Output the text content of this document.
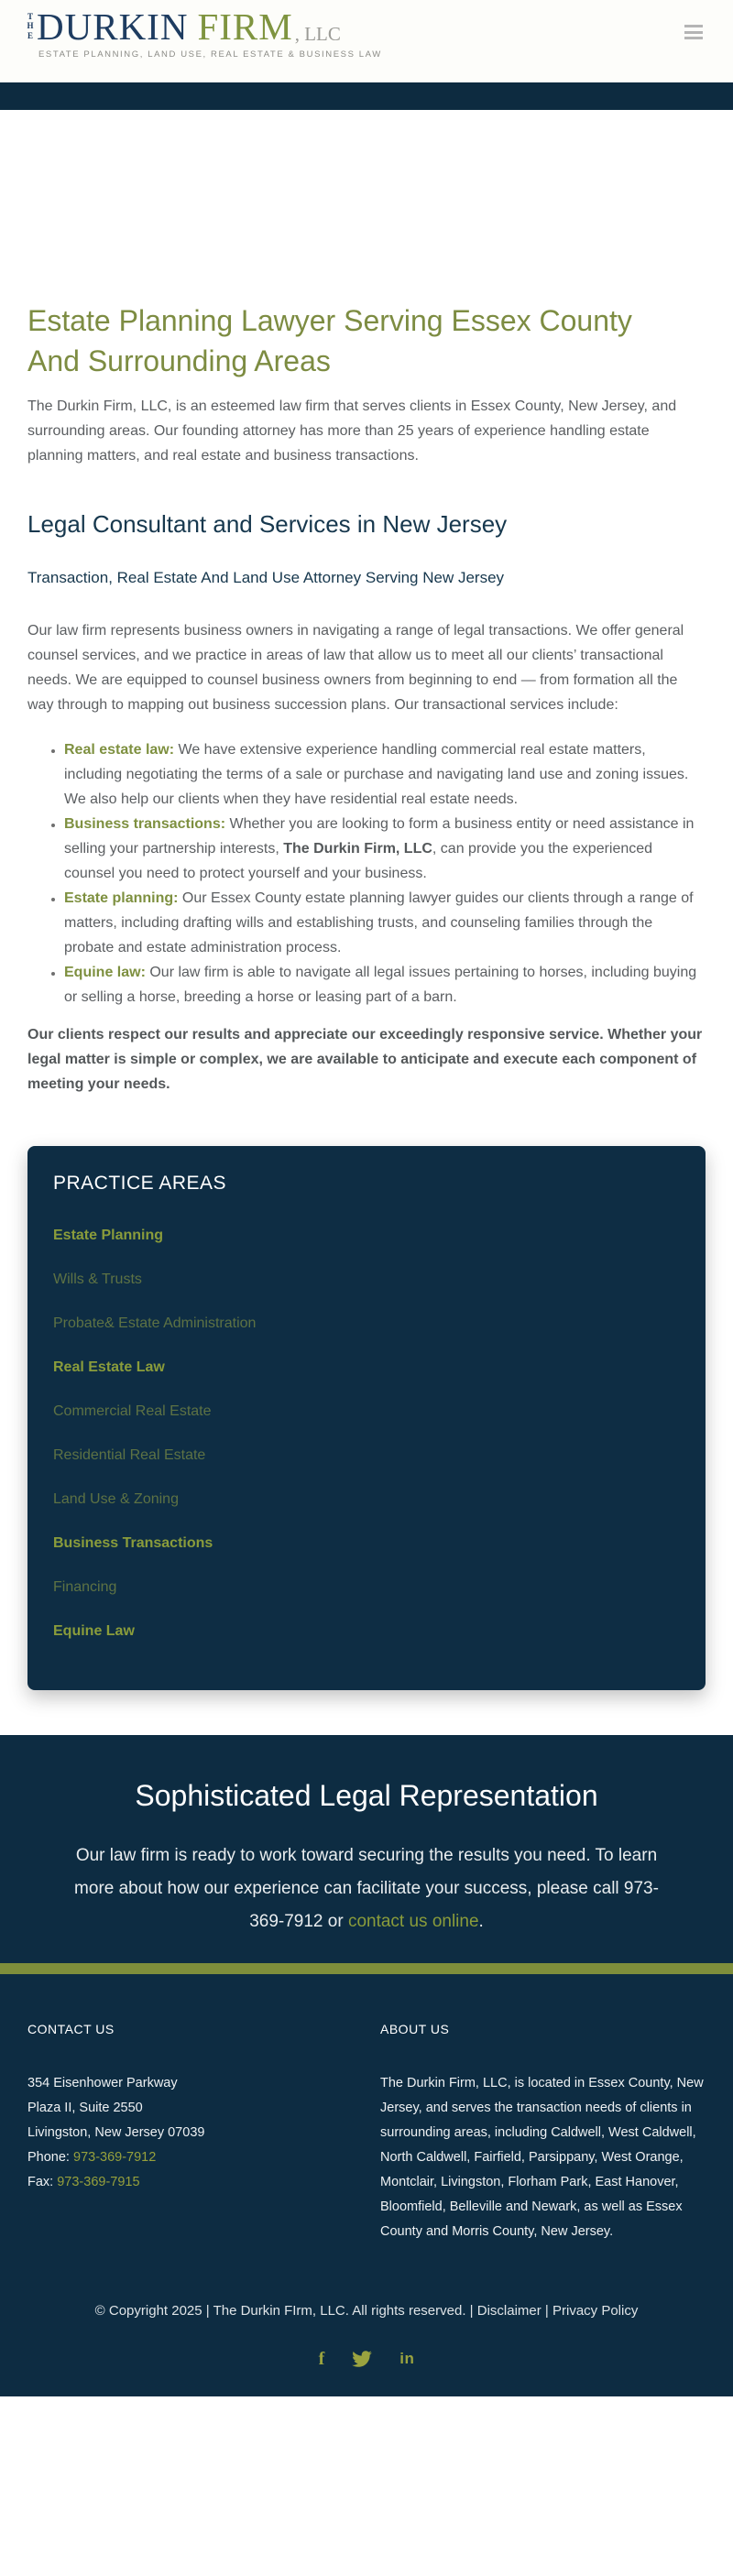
THE DURKIN FIRM , LLC
ESTATE PLANNING, LAND USE, REAL ESTATE & BUSINESS LAW
Estate Planning Lawyer Serving Essex County And Surrounding Areas

The Durkin Firm, LLC, is an esteemed law firm that serves clients in Essex County, New Jersey, and surrounding areas. Our founding attorney has more than 25 years of experience handling estate planning matters, and real estate and business transactions.

Legal Consultant and Services in New Jersey
Transaction, Real Estate And Land Use Attorney Serving New Jersey

Our law firm represents business owners in navigating a range of legal transactions. We offer general counsel services, and we practice in areas of law that allow us to meet all our clients’ transactional needs. We are equipped to counsel business owners from beginning to end — from formation all the way through to mapping out business succession plans. Our transactional services include:

• Real estate law: We have extensive experience handling commercial real estate matters, including negotiating the terms of a sale or purchase and navigating land use and zoning issues. We also help our clients when they have residential real estate needs.
• Business transactions: Whether you are looking to form a business entity or need assistance in selling your partnership interests, The Durkin Firm, LLC, can provide you the experienced counsel you need to protect yourself and your business.
• Estate planning: Our Essex County estate planning lawyer guides our clients through a range of matters, including drafting wills and establishing trusts, and counseling families through the probate and estate administration process.
• Equine law: Our law firm is able to navigate all legal issues pertaining to horses, including buying or selling a horse, breeding a horse or leasing part of a barn.

Our clients respect our results and appreciate our exceedingly responsive service. Whether your legal matter is simple or complex, we are available to anticipate and execute each component of meeting your needs.

PRACTICE AREAS
Estate Planning
Wills & Trusts
Probate& Estate Administration
Real Estate Law
Commercial Real Estate
Residential Real Estate
Land Use & Zoning
Business Transactions
Financing
Equine Law
Sophisticated Legal Representation

Our law firm is ready to work toward securing the results you need. To learn more about how our experience can facilitate your success, please call 973-369-7912 or contact us online.

CONTACT US
354 Eisenhower Parkway
Plaza II, Suite 2550
Livingston, New Jersey 07039
Phone: 973-369-7912
Fax: 973-369-7915
ABOUT US
The Durkin Firm, LLC, is located in Essex County, New Jersey, and serves the transaction needs of clients in surrounding areas, including Caldwell, West Caldwell, North Caldwell, Fairfield, Parsippany, West Orange, Montclair, Livingston, Florham Park, East Hanover, Bloomfield, Belleville and Newark, as well as Essex County and Morris County, New Jersey.
© Copyright 2025 | The Durkin FIrm, LLC. All rights reserved. | Disclaimer | Privacy Policy
f	in
